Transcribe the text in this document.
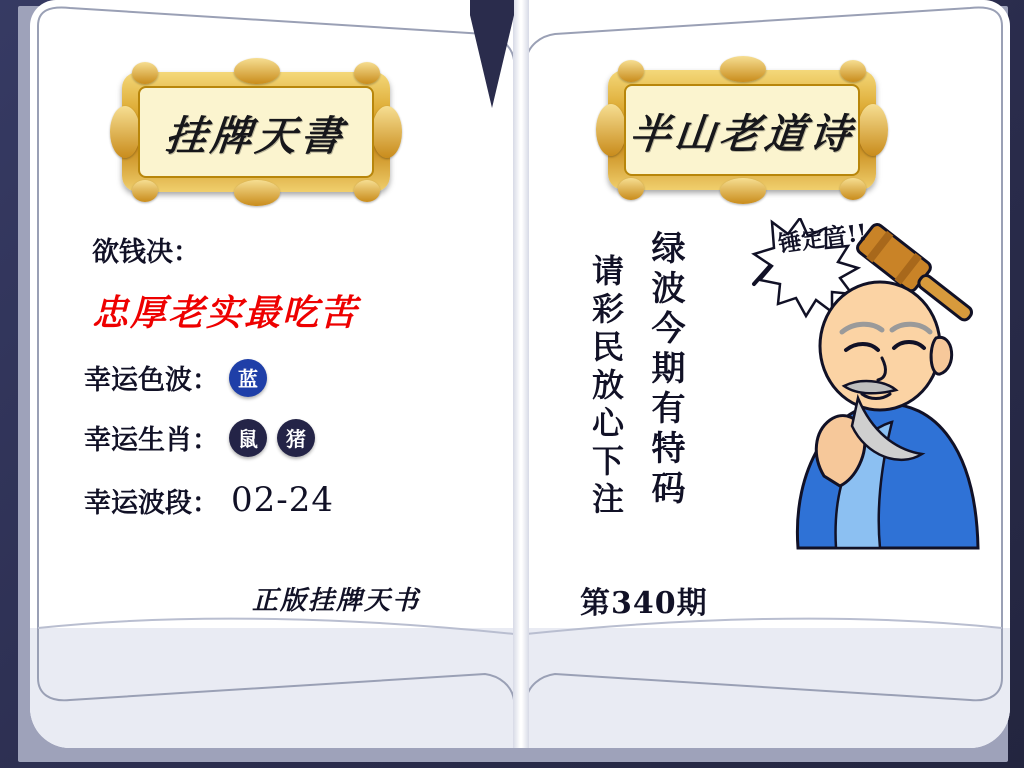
挂牌天書	半山老道诗
欲钱决：
忠厚老实最吃苦
幸运色波： 蓝
幸运生肖： 鼠	猪
幸运波段： 02-24
正版挂牌天书
绿波今期有特码
请彩民放心下注
第340期
锤定音!!
